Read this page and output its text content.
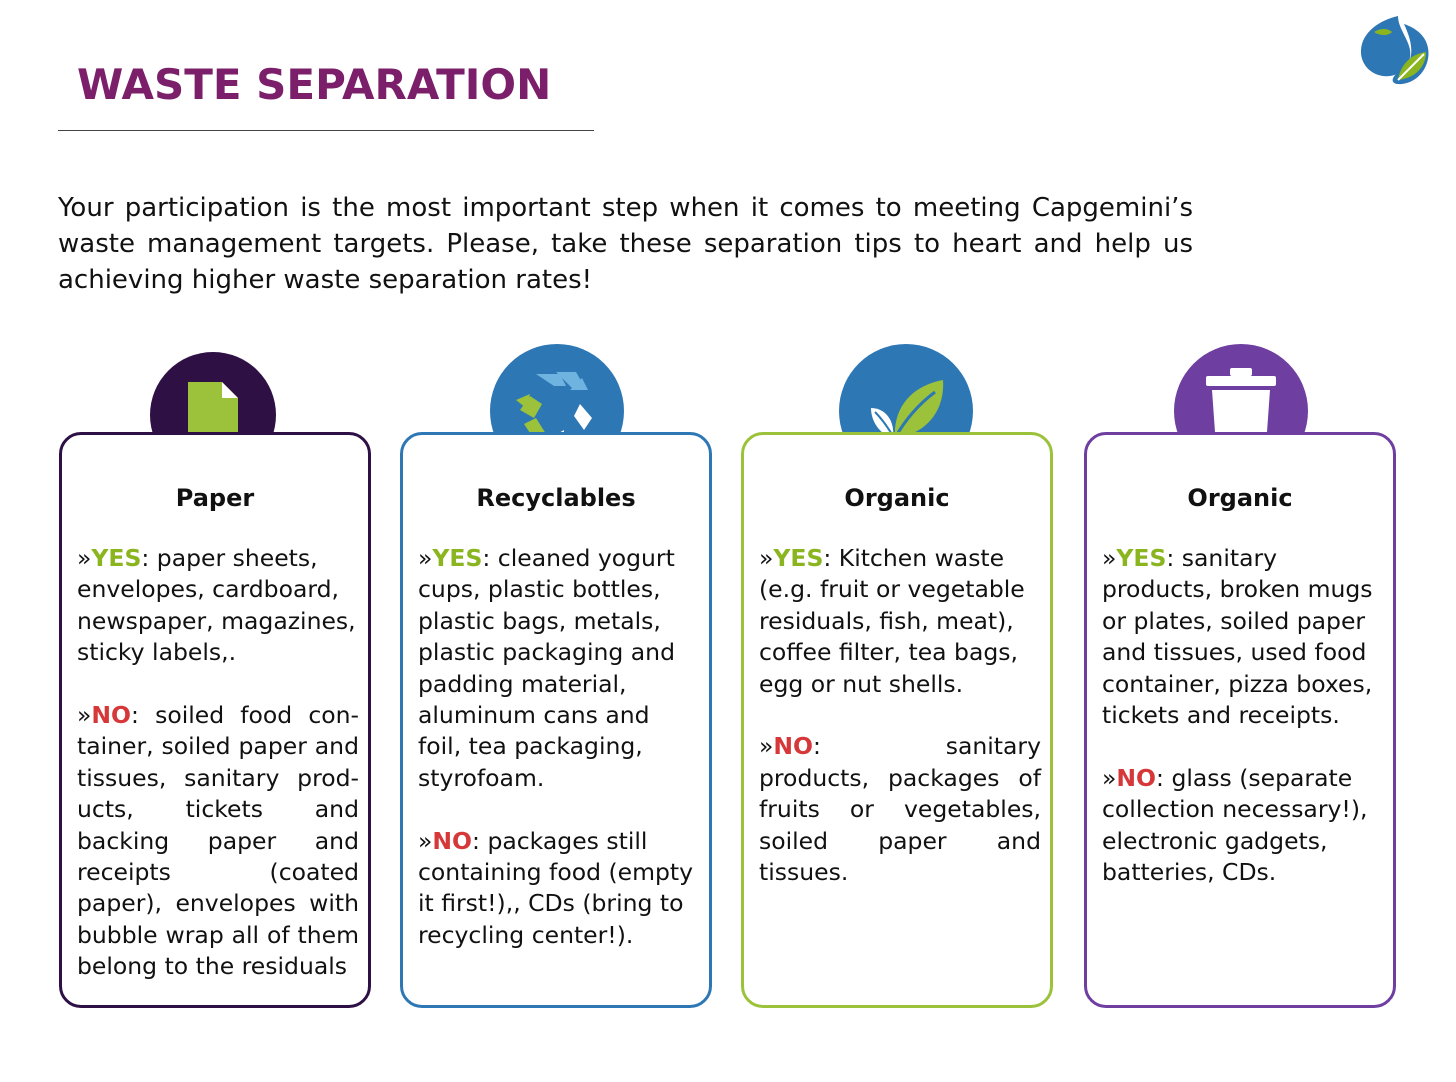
WASTE SEPARATION

Your participation is the most important step when it comes to meeting Capgemini’s waste management targets. Please, take these separation tips to heart and help us achieving higher waste separation rates!

Paper

»YES: paper sheets, envelopes, cardboard, newspaper, magazines, sticky labels,.

»NO: soiled food container, soiled paper and tissues, sanitary products, tickets and backing paper and receipts (coated paper), envelopes with bubble wrap all of them belong to the residuals

Recyclables

»YES: cleaned yogurt cups, plastic bottles, plastic bags, metals, plastic packaging and padding material, aluminum cans and foil, tea packaging, styrofoam.

»NO: packages still containing food (empty it first!),, CDs (bring to recycling center!).

Organic

»YES: Kitchen waste (e.g. fruit or vegetable residuals, fish, meat), coffee filter, tea bags, egg or nut shells.

»NO: sanitary products, packages of fruits or vegetables, soiled paper and tissues.

Organic

»YES: sanitary products, broken mugs or plates, soiled paper and tissues, used food container, pizza boxes, tickets and receipts.

»NO: glass (separate collection necessary!), electronic gadgets, batteries, CDs.
